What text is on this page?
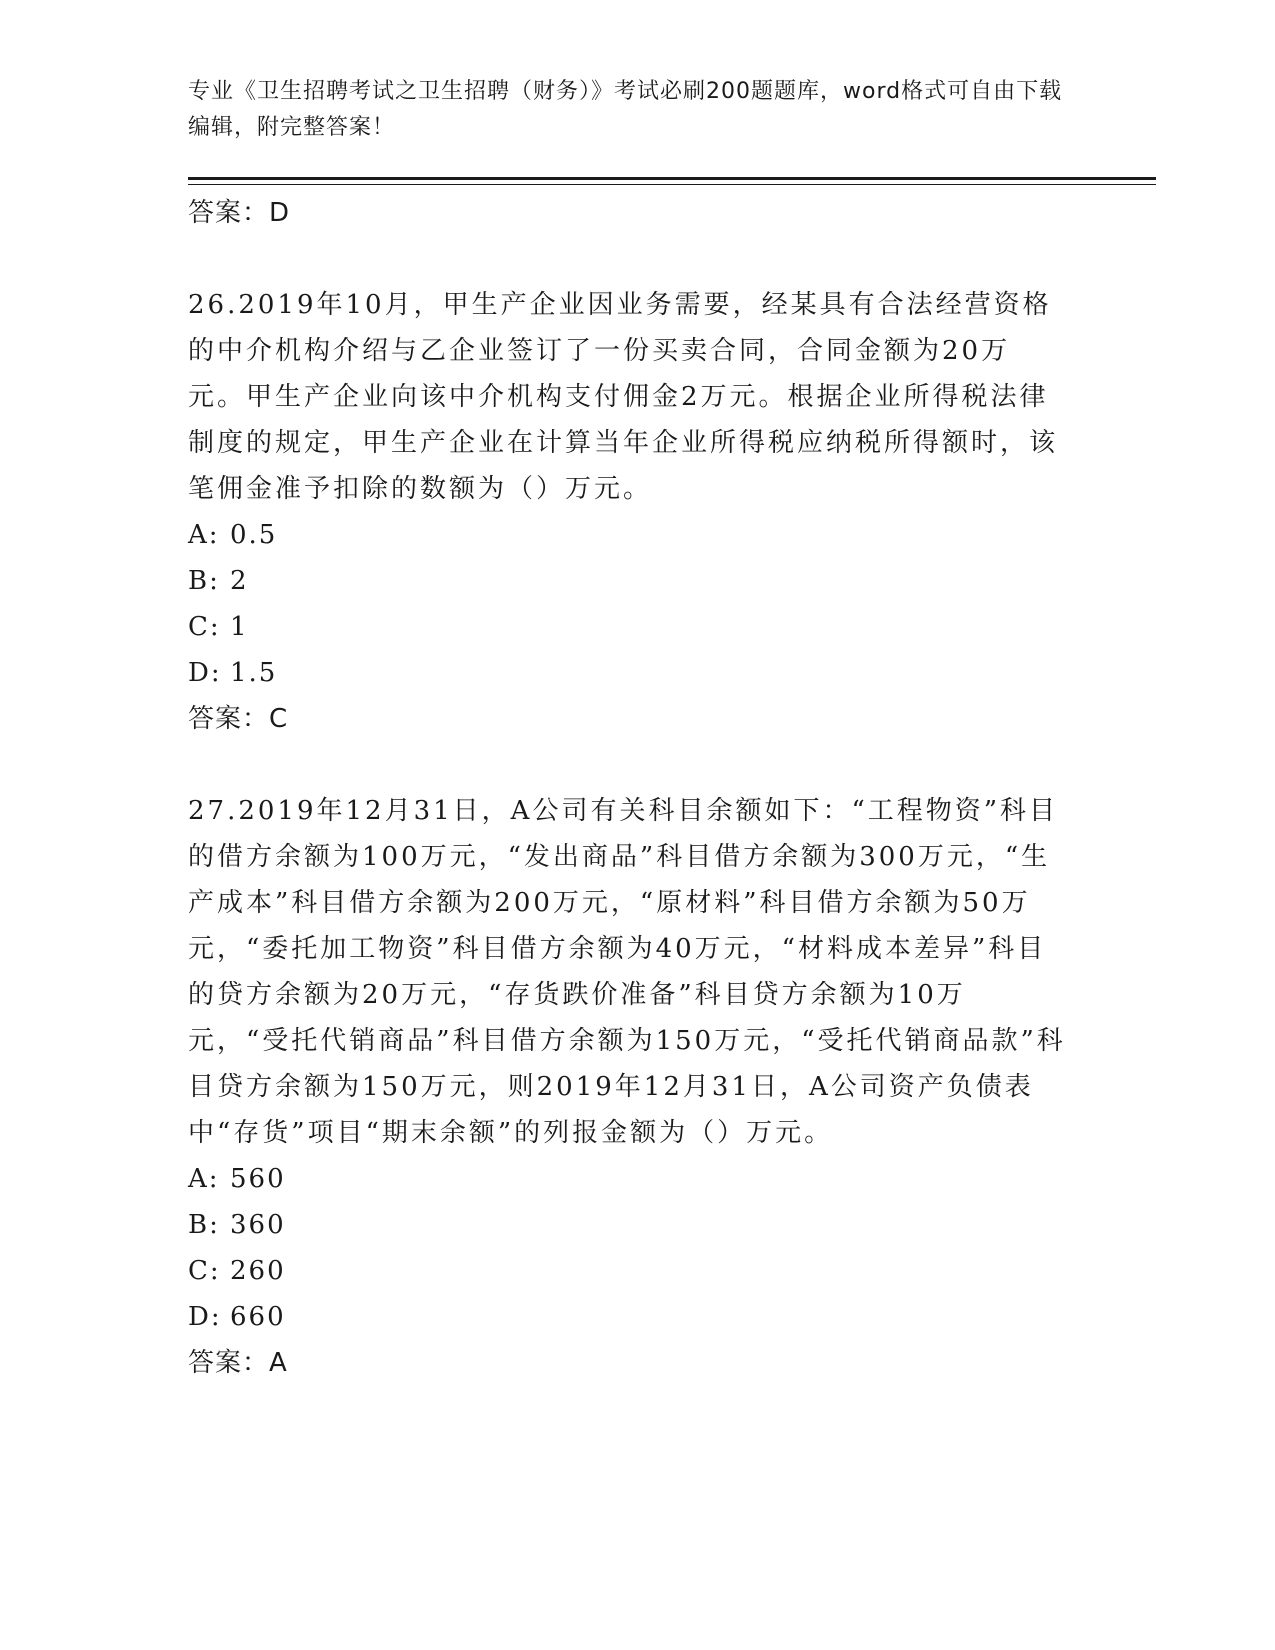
专业《卫生招聘考试之卫生招聘（财务）》考试必刷200题题库，word格式可自由下载编辑，附完整答案！
答案：D
26.2019年10月，甲生产企业因业务需要，经某具有合法经营资格的中介机构介绍与乙企业签订了一份买卖合同，合同金额为20万元。甲生产企业向该中介机构支付佣金2万元。根据企业所得税法律制度的规定，甲生产企业在计算当年企业所得税应纳税所得额时，该笔佣金准予扣除的数额为（）万元。
A: 0.5
B: 2
C: 1
D: 1.5
答案：C
27.2019年12月31日，A公司有关科目余额如下：“工程物资”科目的借方余额为100万元，“发出商品”科目借方余额为300万元，“生产成本”科目借方余额为200万元，“原材料”科目借方余额为50万元，“委托加工物资”科目借方余额为40万元，“材料成本差异”科目的贷方余额为20万元，“存货跌价准备”科目贷方余额为10万元，“受托代销商品”科目借方余额为150万元，“受托代销商品款”科目贷方余额为150万元，则2019年12月31日，A公司资产负债表中“存货”项目“期末余额”的列报金额为（）万元。
A: 560
B: 360
C: 260
D: 660
答案：A
